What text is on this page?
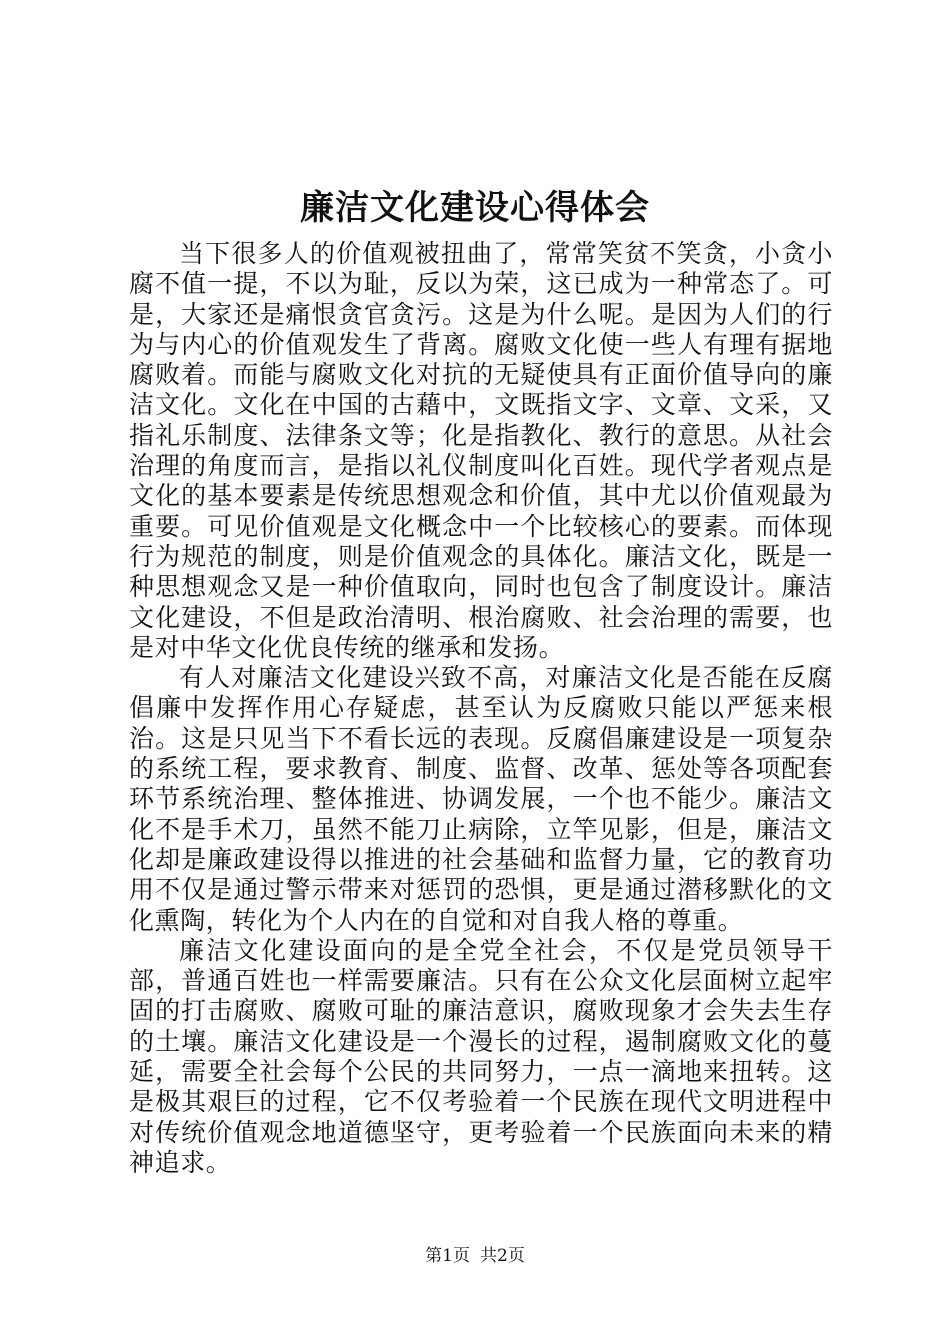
廉洁文化建设心得体会

当下很多人的价值观被扭曲了，常常笑贫不笑贪，小贪小腐不值一提，不以为耻，反以为荣，这已成为一种常态了。可是，大家还是痛恨贪官贪污。这是为什么呢。是因为人们的行为与内心的价值观发生了背离。腐败文化使一些人有理有据地腐败着。而能与腐败文化对抗的无疑使具有正面价值导向的廉洁文化。文化在中国的古藉中，文既指文字、文章、文采，又指礼乐制度、法律条文等；化是指教化、教行的意思。从社会治理的角度而言，是指以礼仪制度叫化百姓。现代学者观点是文化的基本要素是传统思想观念和价值，其中尤以价值观最为重要。可见价值观是文化概念中一个比较核心的要素。而体现行为规范的制度，则是价值观念的具体化。廉洁文化，既是一种思想观念又是一种价值取向，同时也包含了制度设计。廉洁文化建设，不但是政治清明、根治腐败、社会治理的需要，也是对中华文化优良传统的继承和发扬。

有人对廉洁文化建设兴致不高，对廉洁文化是否能在反腐倡廉中发挥作用心存疑虑，甚至认为反腐败只能以严惩来根治。这是只见当下不看长远的表现。反腐倡廉建设是一项复杂的系统工程，要求教育、制度、监督、改革、惩处等各项配套环节系统治理、整体推进、协调发展，一个也不能少。廉洁文化不是手术刀，虽然不能刀止病除，立竿见影，但是，廉洁文化却是廉政建设得以推进的社会基础和监督力量，它的教育功用不仅是通过警示带来对惩罚的恐惧，更是通过潜移默化的文化熏陶，转化为个人内在的自觉和对自我人格的尊重。

廉洁文化建设面向的是全党全社会，不仅是党员领导干部，普通百姓也一样需要廉洁。只有在公众文化层面树立起牢固的打击腐败、腐败可耻的廉洁意识，腐败现象才会失去生存的土壤。廉洁文化建设是一个漫长的过程，遏制腐败文化的蔓延，需要全社会每个公民的共同努力，一点一滴地来扭转。这是极其艰巨的过程，它不仅考验着一个民族在现代文明进程中对传统价值观念地道德坚守，更考验着一个民族面向未来的精神追求。

第1页 共2页
